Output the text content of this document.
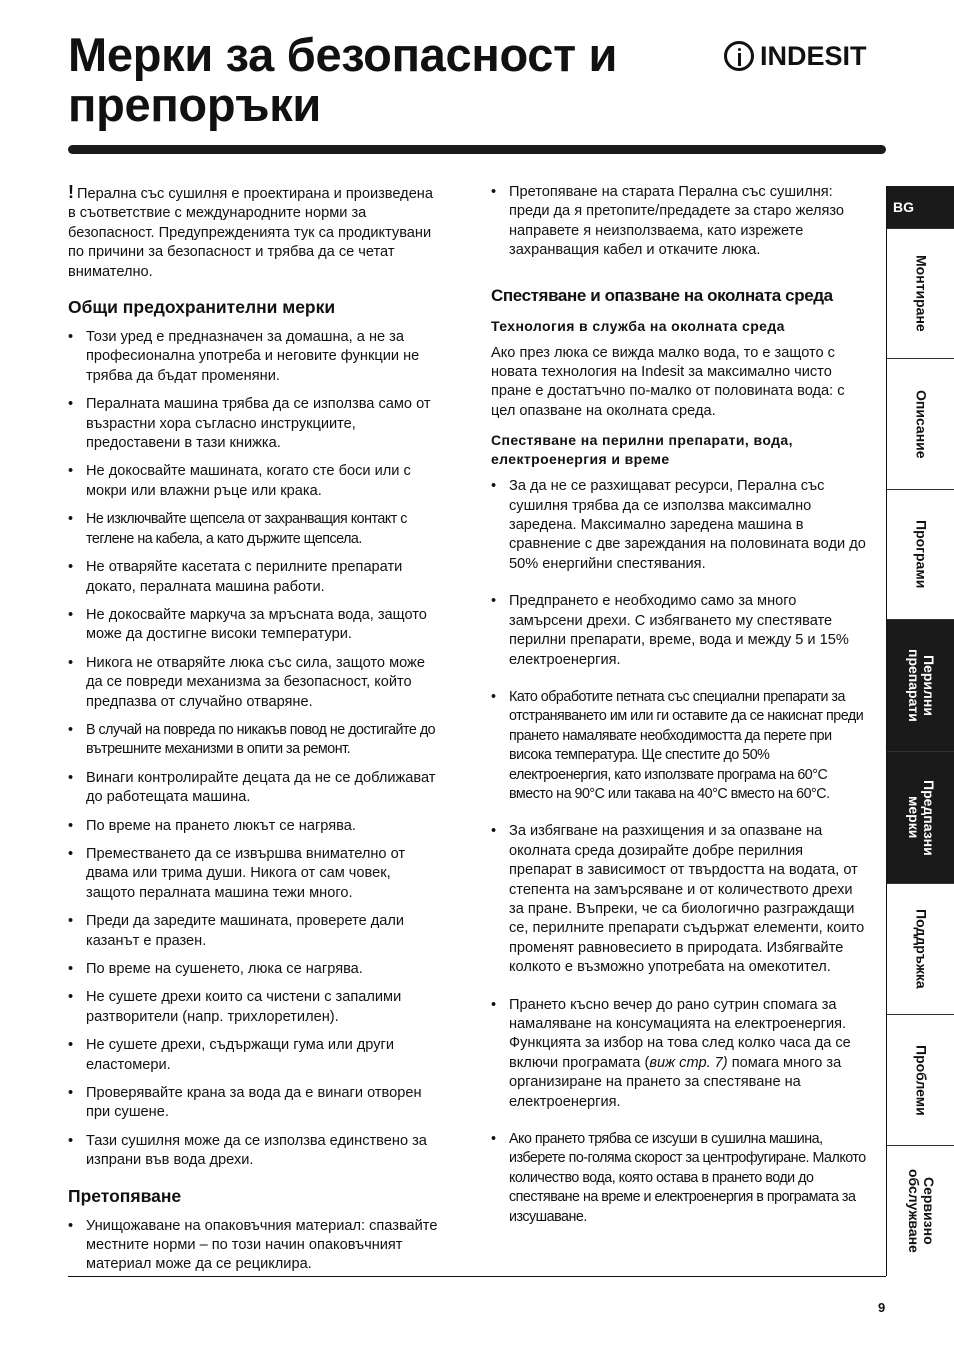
Мерки за безопасност и препоръки
INDESIT

! Перална със сушилня е проектирана и произведена в съответствие с международните норми за безопасност. Предупрежденията тук са продиктувани по причини за безопасност и трябва да се четат внимателно.

Общи предохранителни мерки
• Този уред е предназначен за домашна, а не за професионална употреба и неговите функции не трябва да бъдат променяни.
• Пералната машина трябва да се използва само от възрастни хора съгласно инструкциите, предоставени в тази книжка.
• Не докосвайте машината, когато сте боси или с мокри или влажни ръце или крака.
• Не изключвайте щепсела от захранващия контакт с теглене на кабела, а като държите щепсела.
• Не отваряйте касетата с перилните препарати докато, пералната машина работи.
• Не докосвайте маркуча за мръсната вода, защото може да достигне високи температури.
• Никога не отваряйте люка със сила, защото може да се повреди механизма за безопасност, който предпазва от случайно отваряне.
• В случай на повреда по никакъв повод не достигайте до вътрешните механизми в опити за ремонт.
• Винаги контролирайте децата да не се доближават до работещата машина.
• По време на прането люкът се нагрява.
• Преместването да се извършва внимателно от двама или трима души. Никога от сам човек, защото пералната машина тежи много.
• Преди да заредите машината, проверете дали казанът е празен.
• По време на сушенето, люка се нагрява.
• Не сушете дрехи които са чистени с запалими разтворители (напр. трихлоретилен).
• Не сушете дрехи, съдържащи гума или други еластомери.
• Проверявайте крана за вода да е винаги отворен при сушене.
• Тази сушилня може да се използва единствено за изпрани във вода дрехи.
Претопяване
• Унищожаване на опаковъчния материал: спазвайте местните норми – по този начин опаковъчният материал може да се рециклира.
• Претопяване на старата Перална със сушилня: преди да я претопите/предадете за старо желязо направете я неизползваема, като изрежете захранващия кабел и откачите люка.
Спестяване и опазване на околната среда
Технология в служба на околната среда

Ако през люка се вижда малко вода, то е защото с новата технология на Indesit за максимално чисто пране е достатъчно по-малко от половината вода: с цел опазване на околната среда.

Спестяване на перилни препарати, вода, електроенергия и време
• За да не се разхищават ресурси, Перална със сушилня трябва да се използва максимално заредена. Максимално заредена машина в сравнение с две зареждания на половината води до 50% енергийни спестявания.
• Предпрането е необходимо само за много замърсени дрехи. С избягването му спестявате перилни препарати, време, вода и между 5 и 15% електроенергия.
• Като обработите петната със специални препарати за отстраняването им или ги оставите да се накиснат преди прането намалявате необходимостта да перете при висока температура. Ще спестите до 50% електроенергия, като използвате програма на 60°C вместо на 90°C или такава на 40°C вместо на 60°C.
• За избягване на разхищения и за опазване на околната среда дозирайте добре перилния препарат в зависимост от твърдостта на водата, от степента на замърсяване и от количеството дрехи за пране. Въпреки, че са биологично разграждащи се, перилните препарати съдържат елементи, които променят равновесието в природата. Избягвайте колкото е възможно употребата на омекотител.
• Прането късно вечер до рано сутрин спомага за намаляване на консумацията на електроенергия. Функцията за избор на това след колко часа да се включи програмата (виж стр. 7) помага много за организиране на прането за спестяване на електроенергия.
• Ако прането трябва се изсуши в сушилна машина, изберете по-голяма скорост за центрофугиране. Малкото количество вода, която остава в прането води до спестяване на време и електроенергия в програмата за изсушаване.
BG
Монтиране
Описание
Програми
Перилни
препарати
Предпазни
мерки
Поддръжка
Проблеми
Сервизно
обслужване
9
